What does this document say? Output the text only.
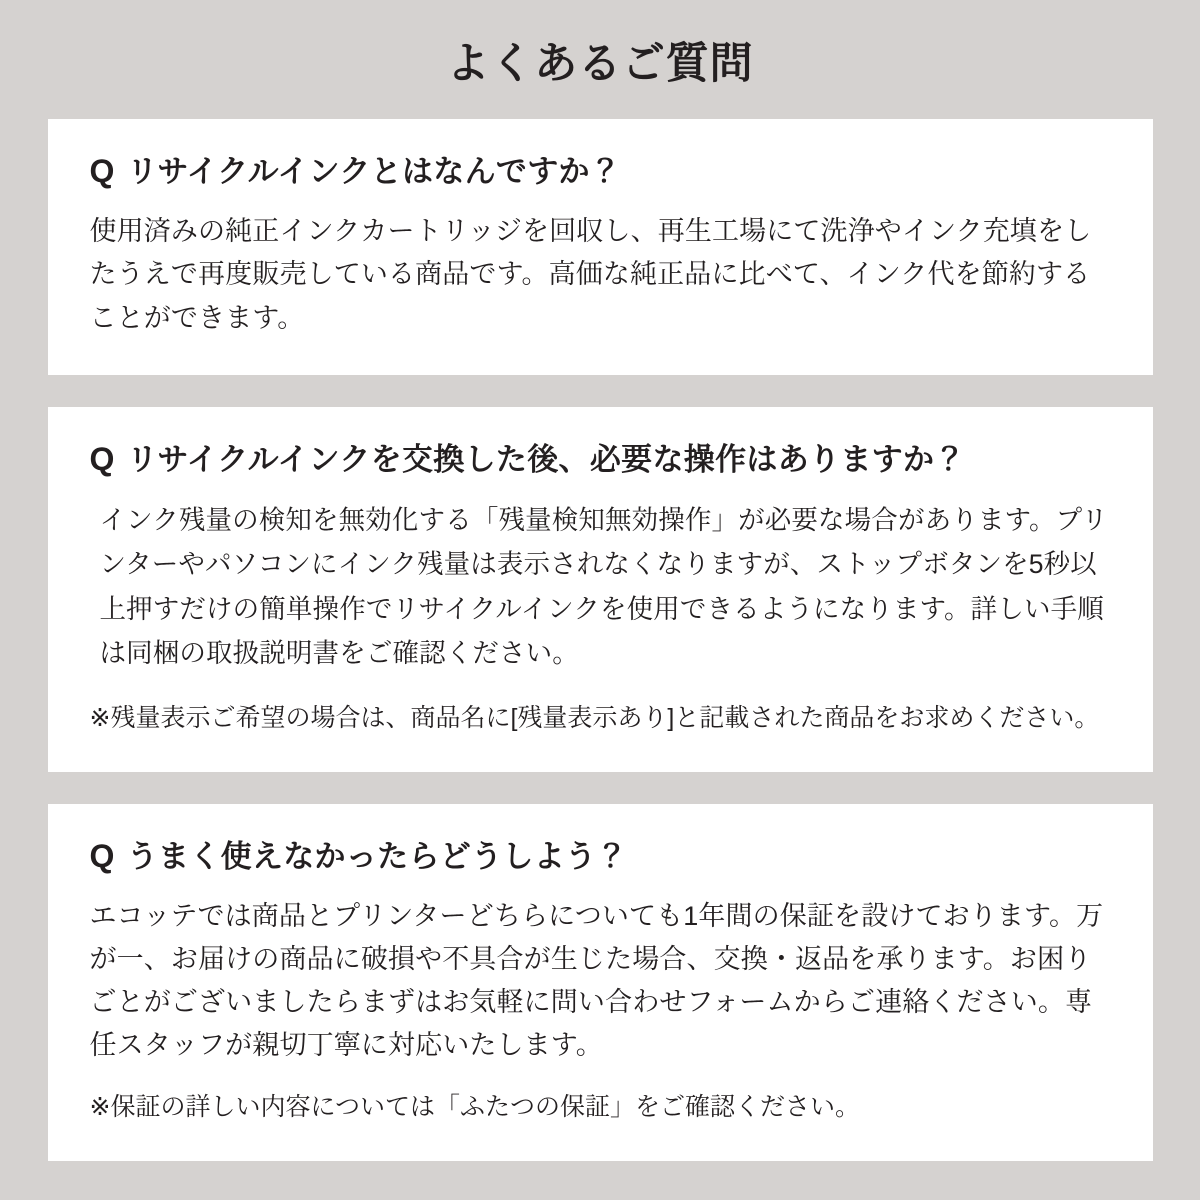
よくあるご質問
Q リサイクルインクとはなんですか？
使用済みの純正インクカートリッジを回収し、再生工場にて洗浄やインク充填をしたうえで再度販売している商品です。高価な純正品に比べて、インク代を節約することができます。
Q リサイクルインクを交換した後、必要な操作はありますか？
インク残量の検知を無効化する「残量検知無効操作」が必要な場合があります。プリンターやパソコンにインク残量は表示されなくなりますが、ストップボタンを5秒以上押すだけの簡単操作でリサイクルインクを使用できるようになります。詳しい手順は同梱の取扱説明書をご確認ください。
※残量表示ご希望の場合は、商品名に[残量表示あり]と記載された商品をお求めください。
Q うまく使えなかったらどうしよう？
エコッテでは商品とプリンターどちらについても1年間の保証を設けております。万が一、お届けの商品に破損や不具合が生じた場合、交換・返品を承ります。お困りごとがございましたらまずはお気軽に問い合わせフォームからご連絡ください。専任スタッフが親切丁寧に対応いたします。
※保証の詳しい内容については「ふたつの保証」をご確認ください。
